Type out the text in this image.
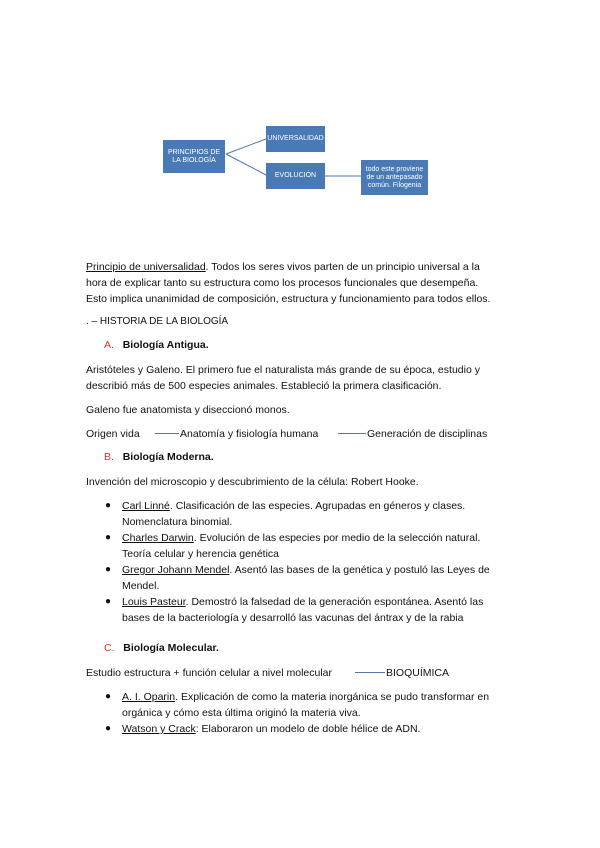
PRINCIPIOS DE LA BIOLOGÍA
UNIVERSALIDAD
EVOLUCIÓN
todo este proviene de un antepasado común. Filogenia
Principio de universalidad. Todos los seres vivos parten de un principio universal a la
hora de explicar tanto su estructura como los procesos funcionales que desempeña.
Esto implica unanimidad de composición, estructura y funcionamiento para todos ellos.
. – HISTORIA DE LA BIOLOGÍA
A. Biología Antigua.
Aristóteles y Galeno. El primero fue el naturalista más grande de su época, estudio y
describió más de 500 especies animales. Estableció la primera clasificación.
Galeno fue anatomista y diseccionó monos.
Origen vida	Anatomía y fisiología humana	Generación de disciplinas
B. Biología Moderna.
Invención del microscopio y descubrimiento de la célula: Robert Hooke.
● Carl Linné. Clasificación de las especies. Agrupadas en géneros y clases.
Nomenclatura binomial.
● Charles Darwin. Evolución de las especies por medio de la selección natural.
Teoría celular y herencia genética
● Gregor Johann Mendel. Asentó las bases de la genética y postuló las Leyes de
Mendel.
● Louis Pasteur. Demostró la falsedad de la generación espontánea. Asentó las
bases de la bacteriología y desarrolló las vacunas del ántrax y de la rabia
C. Biología Molecular.
Estudio estructura + función celular a nivel molecular	BIOQUÍMICA
● A. I. Oparin. Explicación de como la materia inorgánica se pudo transformar en
orgánica y cómo esta última originó la materia viva.
● Watson y Crack: Elaboraron un modelo de doble hélice de ADN.
